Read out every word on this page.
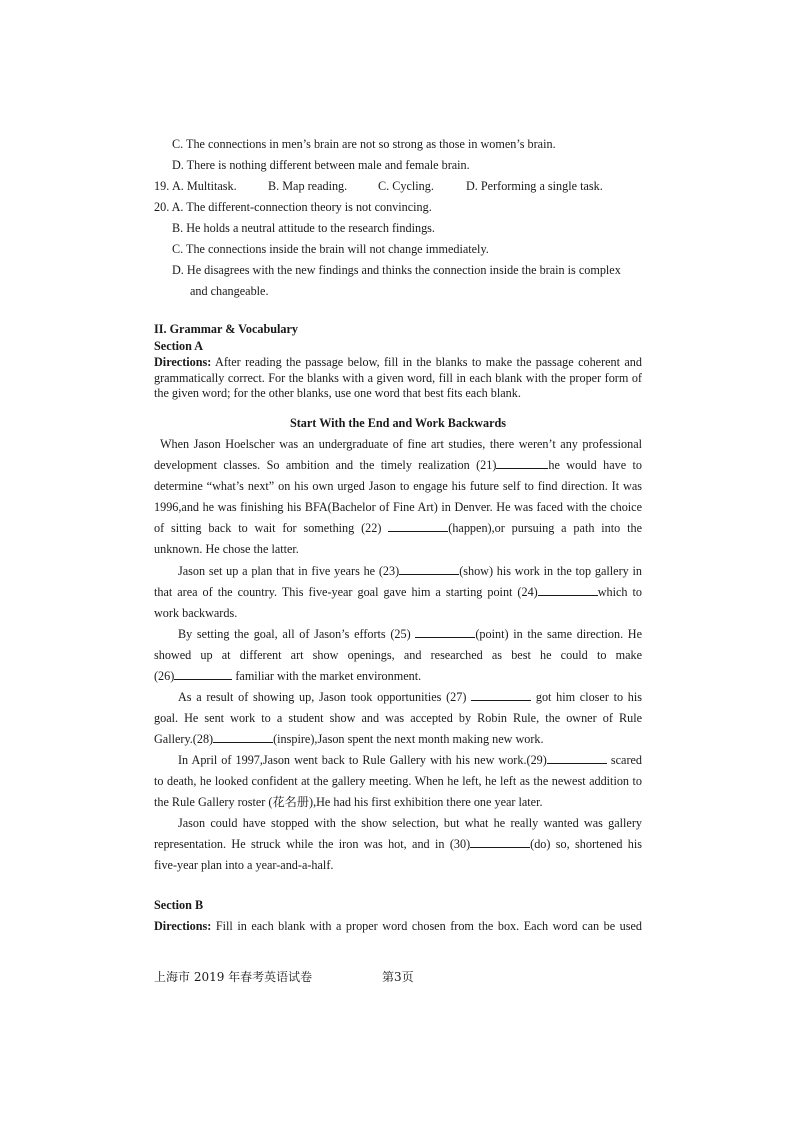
C. The connections in men’s brain are not so strong as those in women’s brain.
D. There is nothing different between male and female brain.
19. A. Multitask.	B. Map reading.	C. Cycling.	D. Performing a single task.
20. A. The different-connection theory is not convincing.
B. He holds a neutral attitude to the research findings.
C. The connections inside the brain will not change immediately.
D. He disagrees with the new findings and thinks the connection inside the brain is complex
and changeable.
II. Grammar & Vocabulary
Section A
Directions: After reading the passage below, fill in the blanks to make the passage coherent and
grammatically correct. For the blanks with a given word, fill in each blank with the proper form of
the given word; for the other blanks, use one word that best fits each blank.
Start With the End and Work Backwards
When Jason Hoelscher was an undergraduate of fine art studies, there weren’t any professional
development classes. So ambition and the timely realization (21)	he would have to
determine “what’s next” on his own urged Jason to engage his future self to find direction. It was
1996,and he was finishing his BFA(Bachelor of Fine Art) in Denver. He was faced with the choice
of sitting back to wait for something (22)	(happen),or pursuing a path into the
unknown. He chose the latter.
Jason set up a plan that in five years he (23)	(show) his work in the top gallery in
that area of the country. This five-year goal gave him a starting point (24)	which to
work backwards.
By setting the goal, all of Jason’s efforts (25)	(point) in the same direction. He
showed up at different art show openings, and researched as best he could to make
(26)	familiar with the market environment.
As a result of showing up, Jason took opportunities (27)	got him closer to his
goal. He sent work to a student show and was accepted by Robin Rule, the owner of Rule
Gallery.(28)	(inspire),Jason spent the next month making new work.
In April of 1997,Jason went back to Rule Gallery with his new work.(29)	scared
to death, he looked confident at the gallery meeting. When he left, he left as the newest addition to
the Rule Gallery roster (花名册),He had his first exhibition there one year later.
Jason could have stopped with the show selection, but what he really wanted was gallery
representation. He struck while the iron was hot, and in (30)	(do) so, shortened his
five-year plan into a year-and-a-half.
Section B
Directions: Fill in each blank with a proper word chosen from the box. Each word can be used
上海市 2019 年春考英语试卷	第3页
